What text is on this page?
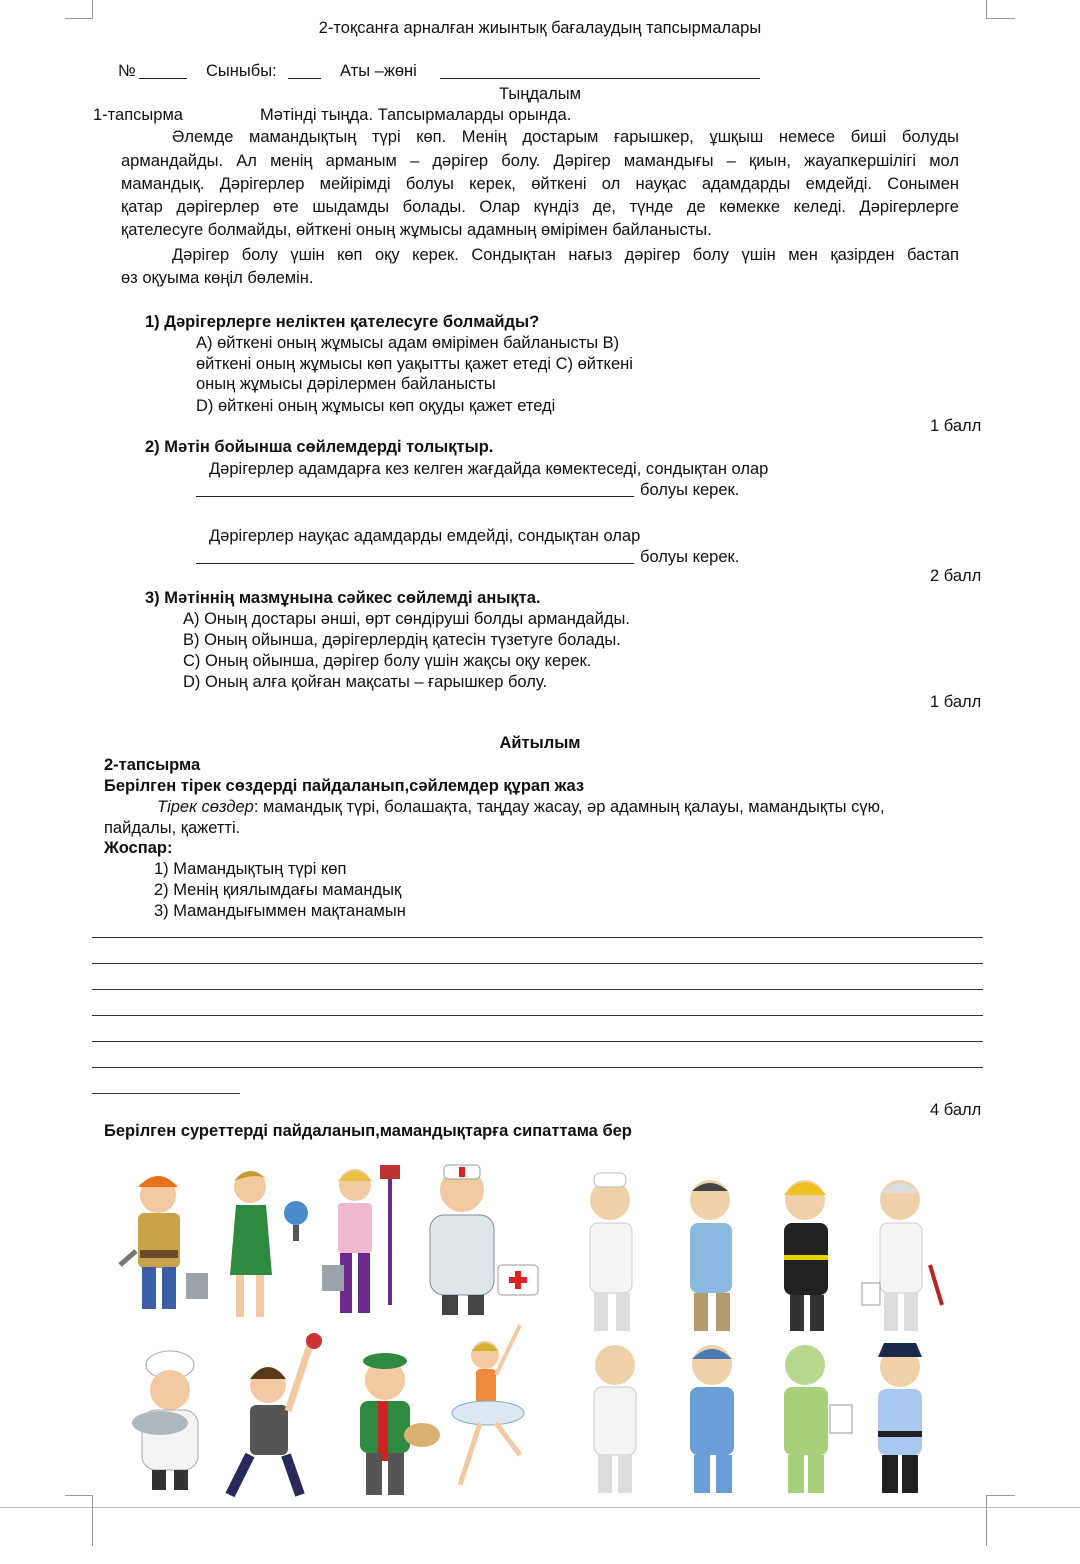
2-тоқсанға арналған жиынтық бағалаудың тапсырмалары
№	Сыныбы:	Аты –жөні
Тыңдалым
1-тапсырма	Мәтінді тыңда. Тапсырмаларды орында.
Әлемде мамандықтың түрі көп. Менің достарым ғарышкер, ұшқыш немесе биші болуды
армандайды. Ал менің арманым – дәрігер болу. Дәрігер мамандығы – қиын, жауапкершілігі мол
мамандық. Дәрігерлер мейірімді болуы керек, өйткені ол науқас адамдарды емдейді. Сонымен
қатар дәрігерлер өте шыдамды болады. Олар күндіз де, түнде де көмекке келеді. Дәрігерлерге
қателесуге болмайды, өйткені оның жұмысы адамның өмірімен байланысты.
Дәрігер болу үшін көп оқу керек. Сондықтан нағыз дәрігер болу үшін мен қазірден бастап
өз оқуыма көңіл бөлемін.
1) Дәрігерлерге неліктен қателесуге болмайды?
А) өйткені оның жұмысы адам өмірімен байланысты В)
өйткені оның жұмысы көп уақытты қажет етеді С) өйткені
оның жұмысы дәрілермен байланысты
D) өйткені оның жұмысы көп оқуды қажет етеді
1 балл
2) Мәтін бойынша сөйлемдерді толықтыр.
Дәрігерлер адамдарға кез келген жағдайда көмектеседі, сондықтан олар
болуы керек.
Дәрігерлер науқас адамдарды емдейді, сондықтан олар
болуы керек.
2 балл
3) Мәтіннің мазмұнына сәйкес сөйлемді анықта.
А) Оның достары әнші, өрт сөндіруші болды армандайды.
В) Оның ойынша, дәрігерлердің қатесін түзетуге болады.
С) Оның ойынша, дәрігер болу үшін жақсы оқу керек.
D) Оның алға қойған мақсаты – ғарышкер болу.
1 балл
Айтылым
2-тапсырма
Берілген тірек сөздерді пайдаланып,сәйлемдер құрап жаз
Тірек сөздер: мамандық түрі, болашақта, таңдау жасау, әр адамның қалауы, мамандықты сүю,
пайдалы, қажетті.
Жоспар:
1) Мамандықтың түрі көп
2) Менің қиялымдағы мамандық
3) Мамандығыммен мақтанамын
4 балл
Берілген суреттерді пайдаланып,мамандықтарға сипаттама бер
